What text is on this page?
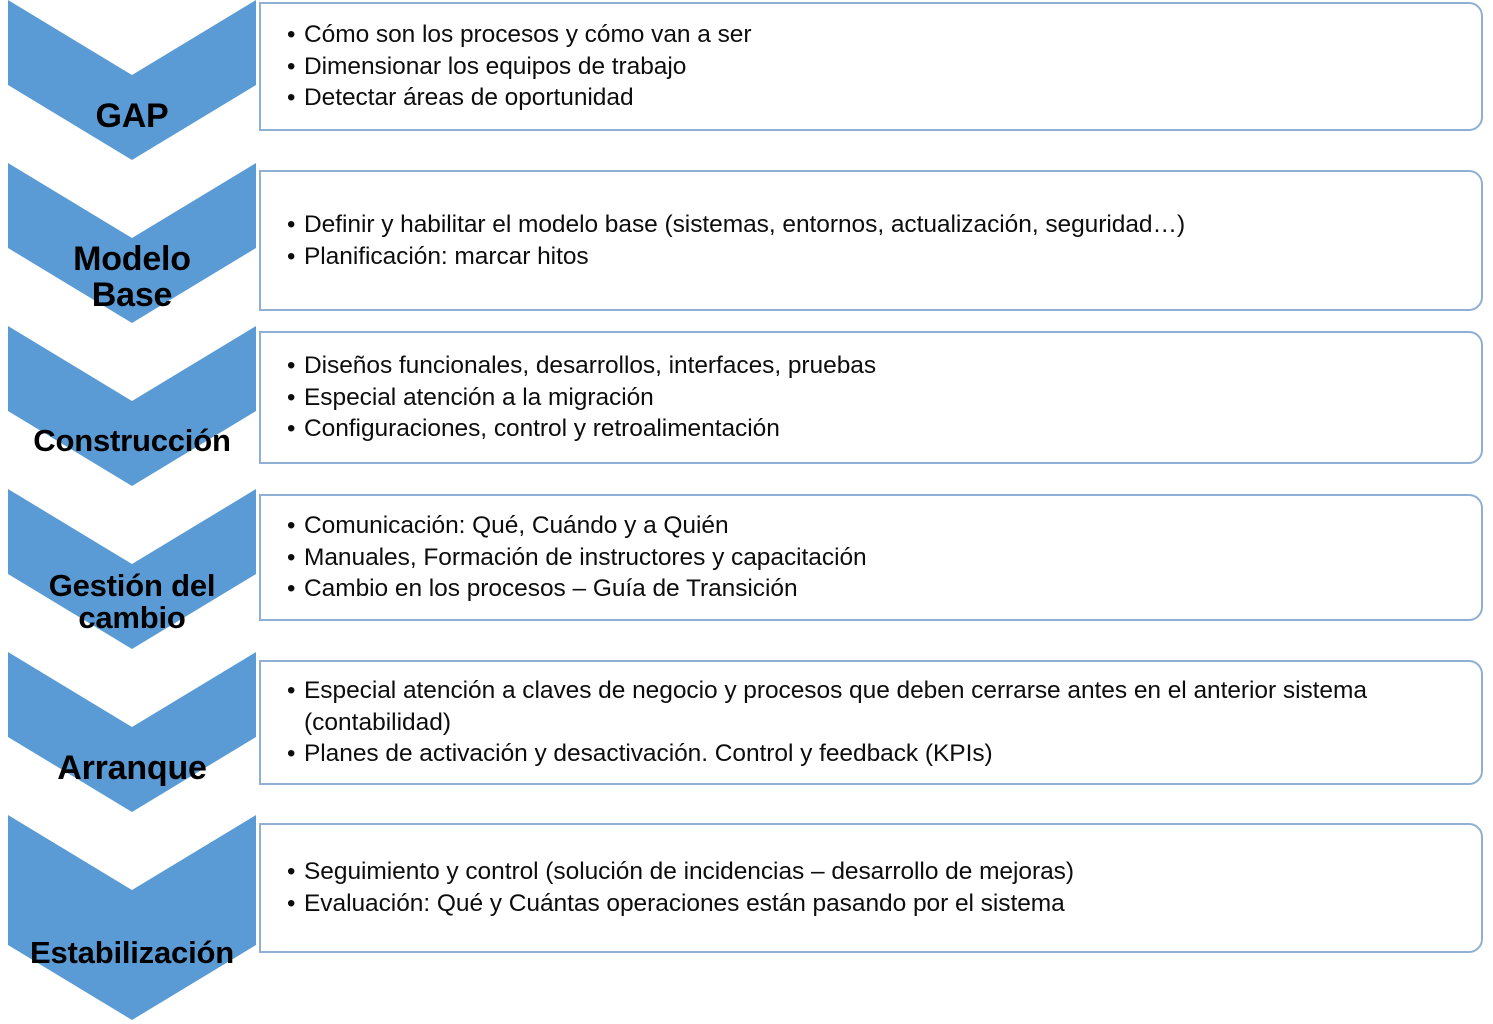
GAP
• Cómo son los procesos y cómo van a ser
• Dimensionar los equipos de trabajo
• Detectar áreas de oportunidad
Modelo
Base
• Definir y habilitar el modelo base (sistemas, entornos, actualización, seguridad…)
• Planificación: marcar hitos
Construcción
• Diseños funcionales, desarrollos, interfaces, pruebas
• Especial atención a la migración
• Configuraciones, control y retroalimentación
Gestión del
cambio
• Comunicación: Qué, Cuándo y a Quién
• Manuales, Formación de instructores y capacitación
• Cambio en los procesos – Guía de Transición
Arranque
• Especial atención a claves de negocio y procesos que deben cerrarse antes en el anterior sistema
(contabilidad)
• Planes de activación y desactivación. Control y feedback (KPIs)
Estabilización
• Seguimiento y control (solución de incidencias – desarrollo de mejoras)
• Evaluación: Qué y Cuántas operaciones están pasando por el sistema
